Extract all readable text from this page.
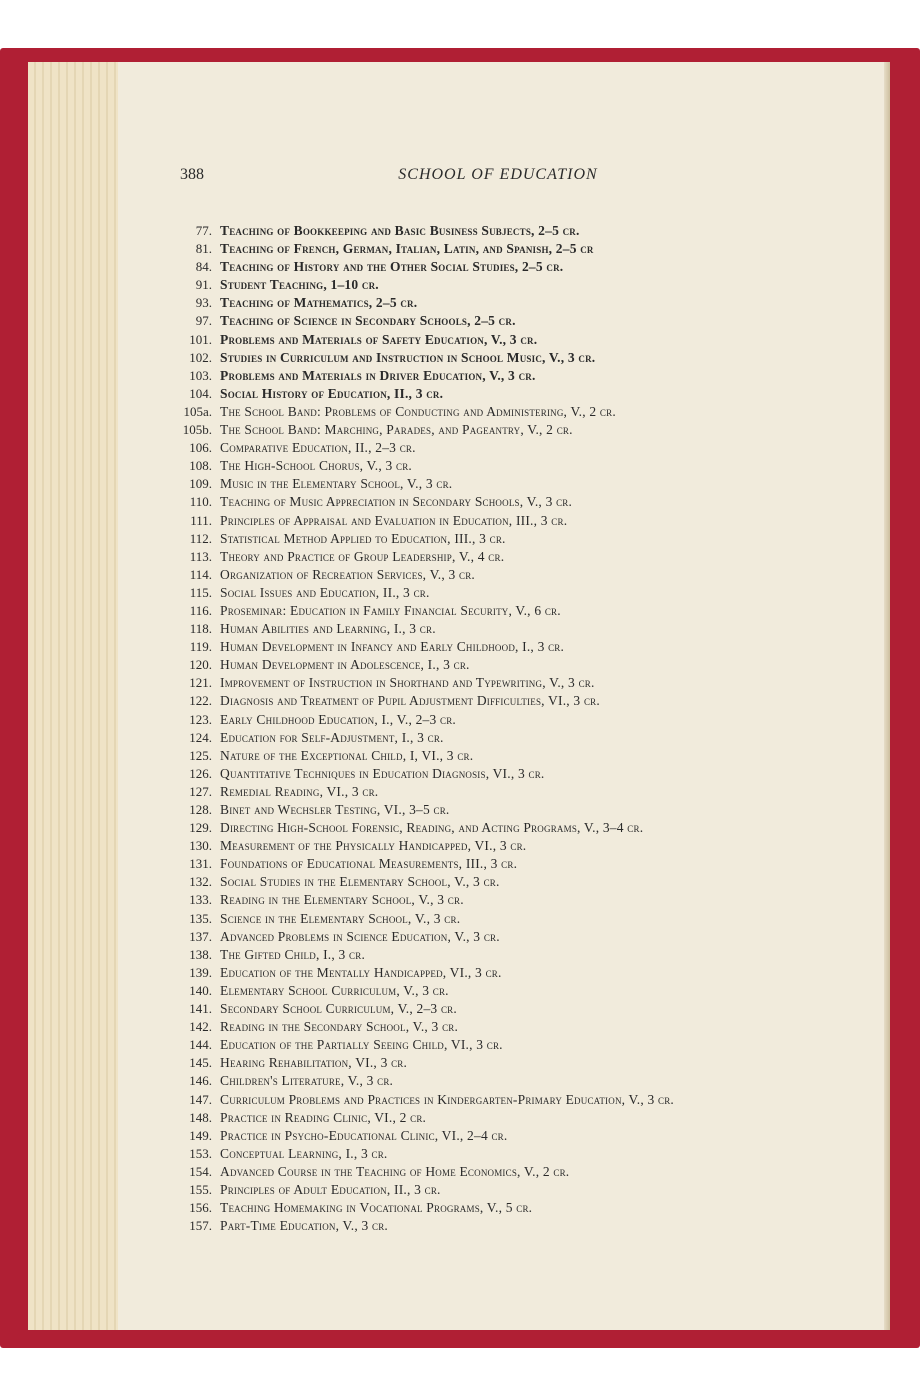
388	SCHOOL OF EDUCATION
77. Teaching of Bookkeeping and Basic Business Subjects, 2–5 cr.
81. Teaching of French, German, Italian, Latin, and Spanish, 2–5 cr
84. Teaching of History and the Other Social Studies, 2–5 cr.
91. Student Teaching, 1–10 cr.
93. Teaching of Mathematics, 2–5 cr.
97. Teaching of Science in Secondary Schools, 2–5 cr.
101. Problems and Materials of Safety Education, V., 3 cr.
102. Studies in Curriculum and Instruction in School Music, V., 3 cr.
103. Problems and Materials in Driver Education, V., 3 cr.
104. Social History of Education, II., 3 cr.
105a. The School Band: Problems of Conducting and Administering, V., 2 cr.
105b. The School Band: Marching, Parades, and Pageantry, V., 2 cr.
106. Comparative Education, II., 2–3 cr.
108. The High-School Chorus, V., 3 cr.
109. Music in the Elementary School, V., 3 cr.
110. Teaching of Music Appreciation in Secondary Schools, V., 3 cr.
111. Principles of Appraisal and Evaluation in Education, III., 3 cr.
112. Statistical Method Applied to Education, III., 3 cr.
113. Theory and Practice of Group Leadership, V., 4 cr.
114. Organization of Recreation Services, V., 3 cr.
115. Social Issues and Education, II., 3 cr.
116. Proseminar: Education in Family Financial Security, V., 6 cr.
118. Human Abilities and Learning, I., 3 cr.
119. Human Development in Infancy and Early Childhood, I., 3 cr.
120. Human Development in Adolescence, I., 3 cr.
121. Improvement of Instruction in Shorthand and Typewriting, V., 3 cr.
122. Diagnosis and Treatment of Pupil Adjustment Difficulties, VI., 3 cr.
123. Early Childhood Education, I., V., 2–3 cr.
124. Education for Self-Adjustment, I., 3 cr.
125. Nature of the Exceptional Child, I, VI., 3 cr.
126. Quantitative Techniques in Education Diagnosis, VI., 3 cr.
127. Remedial Reading, VI., 3 cr.
128. Binet and Wechsler Testing, VI., 3–5 cr.
129. Directing High-School Forensic, Reading, and Acting Programs, V., 3–4 cr.
130. Measurement of the Physically Handicapped, VI., 3 cr.
131. Foundations of Educational Measurements, III., 3 cr.
132. Social Studies in the Elementary School, V., 3 cr.
133. Reading in the Elementary School, V., 3 cr.
135. Science in the Elementary School, V., 3 cr.
137. Advanced Problems in Science Education, V., 3 cr.
138. The Gifted Child, I., 3 cr.
139. Education of the Mentally Handicapped, VI., 3 cr.
140. Elementary School Curriculum, V., 3 cr.
141. Secondary School Curriculum, V., 2–3 cr.
142. Reading in the Secondary School, V., 3 cr.
144. Education of the Partially Seeing Child, VI., 3 cr.
145. Hearing Rehabilitation, VI., 3 cr.
146. Children's Literature, V., 3 cr.
147. Curriculum Problems and Practices in Kindergarten-Primary Education, V., 3 cr.
148. Practice in Reading Clinic, VI., 2 cr.
149. Practice in Psycho-Educational Clinic, VI., 2–4 cr.
153. Conceptual Learning, I., 3 cr.
154. Advanced Course in the Teaching of Home Economics, V., 2 cr.
155. Principles of Adult Education, II., 3 cr.
156. Teaching Homemaking in Vocational Programs, V., 5 cr.
157. Part-Time Education, V., 3 cr.
